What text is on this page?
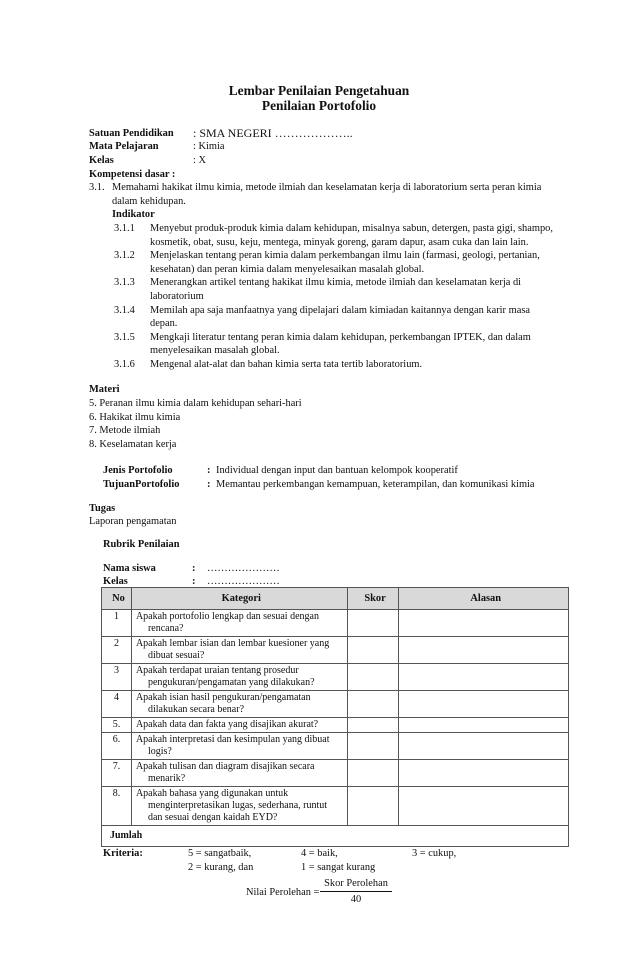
Lembar Penilaian Pengetahuan
Penilaian Portofolio
Satuan Pendidikan : SMA NEGERI ………………..
Mata Pelajaran	: Kimia
Kelas	: X
Kompetensi dasar :
3.1. Memahami hakikat ilmu kimia, metode ilmiah dan keselamatan kerja di laboratorium serta peran kimia
dalam kehidupan.
Indikator
3.1.1 Menyebut produk-produk kimia dalam kehidupan, misalnya sabun, detergen, pasta gigi, shampo,
kosmetik, obat, susu, keju, mentega, minyak goreng, garam dapur, asam cuka dan lain lain.
3.1.2 Menjelaskan tentang peran kimia dalam perkembangan ilmu lain (farmasi, geologi, pertanian,
kesehatan) dan peran kimia dalam menyelesaikan masalah global.
3.1.3 Menerangkan artikel tentang hakikat ilmu kimia, metode ilmiah dan keselamatan kerja di
laboratorium
3.1.4 Memilah apa saja manfaatnya yang dipelajari dalam kimiadan kaitannya dengan karir masa
depan.
3.1.5 Mengkaji literatur tentang peran kimia dalam kehidupan, perkembangan IPTEK, dan dalam
menyelesaikan masalah global.
3.1.6 Mengenal alat-alat dan bahan kimia serta tata tertib laboratorium.
Materi
5. Peranan ilmu kimia dalam kehidupan sehari-hari
6. Hakikat ilmu kimia
7. Metode ilmiah
8. Keselamatan kerja
Jenis Portofolio	: Individual dengan input dan bantuan kelompok kooperatif
TujuanPortofolio	: Memantau perkembangan kemampuan, keterampilan, dan komunikasi kimia
Tugas
Laporan pengamatan
Rubrik Penilaian
Nama siswa	: …………………
Kelas	: …………………
No	Kategori	Skor	Alasan
1	Apakah portofolio lengkap dan sesuai dengan rencana?		
2	Apakah lembar isian dan lembar kuesioner yang dibuat sesuai?		
3	Apakah terdapat uraian tentang prosedur pengukuran/pengamatan yang dilakukan?		
4	Apakah isian hasil pengukuran/pengamatan dilakukan secara benar?		
5.	Apakah data dan fakta yang disajikan akurat?		
6.	Apakah interpretasi dan kesimpulan yang dibuat logis?		
7.	Apakah tulisan dan diagram disajikan secara menarik?		
8.	Apakah bahasa yang digunakan untuk menginterpretasikan lugas, sederhana, runtut dan sesuai dengan kaidah EYD?		
Jumlah			
Kriteria:	5 = sangatbaik,	4 = baik,	3 = cukup,
2 = kurang, dan	1 = sangat kurang
Nilai Perolehan =
Skor Perolehan
40
